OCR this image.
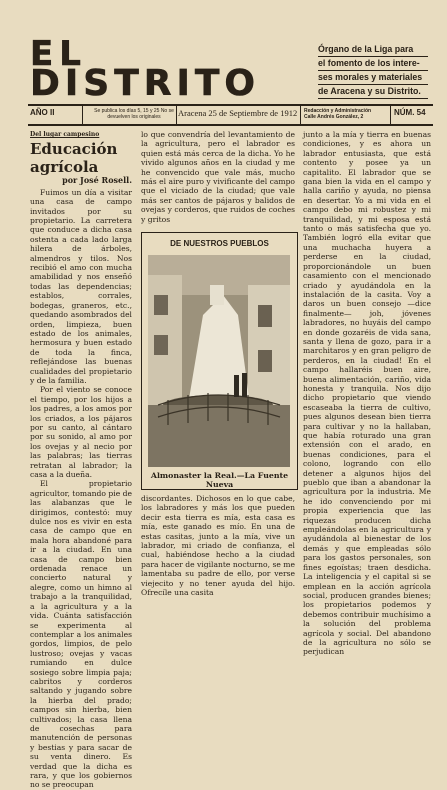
EL
DISTRITO
Órgano de la Liga para
el fomento de los intere-
ses morales y materiales
de Aracena y su Distrito.
AÑO II	Se publica los días 5, 15 y 25 No se devuelven los originales	Aracena 25 de Septiembre de 1912 Redacción y Administración Calle Andrés González, 2	NÚM. 54
Del lugar campesino
Educación agrícola
por José Rosell.

Fuimos un día a visitar una casa de campo invitados por su propietario. La carretera que conduce a dicha casa ostenta a cada lado larga hilera de árboles, almendros y tilos. Nos recibió el amo con mucha amabilidad y nos enseñó todas las dependencias; establos, corrales, bodegas, graneros, etc., quedando asombrados del orden, limpieza, buen estado de los animales, hermosura y buen estado de toda la finca, reflejándose las buenas cualidades del propietario y de la familia.

Por el viento se conoce el tiempo, por los hijos a los padres, a los amos por los criados, a los pájaros por su canto, al cántaro por su sonido, al amo por los ovejas y al necio por las palabras; las tierras retratan al labrador; la casa a la dueña.

El propietario agricultor, tomando pie de las alabanzas que le dirigimos, contestó: muy dulce nos es vivir en esta casa de campo que en mala hora abandoné para ir a la ciudad. En una casa de campo bien ordenada renace un concierto natural y alegre, como un himno al trabajo a la tranquilidad, a la agricultura y a la vida. Cuánta satisfacción se experimenta al contemplar a los animales gordos, limpios, de pelo lustroso; ovejas y vacas rumiando en dulce sosiego sobre limpia paja; cabritos y corderos saltando y jugando sobre la hierba del prado; campos sin hierba, bien cultivados; la casa llena de cosechas para manutención de personas y bestias y para sacar de su venta dinero. Es verdad que la dicha es rara, y que los gobiernos no se preocupan

lo que convendría del levantamiento de la agricultura, pero el labrador es quien está más cerca de la dicha. Yo he vivido algunos años en la ciudad y me he convencido que vale más, mucho más el aire puro y vivificante del campo que el viciado de la ciudad; que vale más ser cantos de pájaros y balidos de ovejas y corderos, que ruidos de coches y gritos

DE NUESTROS PUEBLOS
Almonaster la Real.—La Fuente Nueva

discordantes. Dichosos en lo que cabe, los labradores y más los que pueden decir esta tierra es mía, esta casa es mía, este ganado es mío. En una de estas casitas, junto a la mía, vive un labrador, mi criado de confianza, el cual, habiéndose hecho a la ciudad para hacer de vigilante nocturno, se me lamentaba su padre de ello, por verse viejecito y no tener ayuda del hijo. Ofrecíle una casita

junto a la mía y tierra en buenas condiciones, y es ahora un labrador entusiasta, que está contento y posee ya un capitalito. El labrador que se gana bien la vida en el campo y halla cariño y ayuda, no piensa en desertar. Yo a mi vida en el campo debo mi robustez y mi tranquilidad, y mi esposa está tanto o más satisfecha que yo. También logró ella evitar que una muchacha huyera a perderse en la ciudad, proporcionándole un buen casamiento con el mencionado criado y ayudándola en la instalación de la casita. Voy a daros un buen consejo —dice finalmente— joh, jóvenes labradores, no huyáis del campo en donde gozaréis de vida sana, santa y llena de gozo, para ir a marchitaros y en gran peligro de perderos, en la ciudad! En el campo hallaréis buen aire, buena alimentación, cariño, vida honesta y tranquila. Nos dijo dicho propietario que viendo escaseaba la tierra de cultivo, pues algunos desean bien tierra para cultivar y no la hallaban, que había roturado una gran extensión con el arado, en buenas condiciones, para el colono, logrando con ello detener a algunos hijos del pueblo que iban a abandonar la agricultura por la industria. Me he ido convenciendo por mi propia experiencia que las riquezas producen dicha empleándolas en la agricultura y ayudándola al bienestar de los demás y que empleadas sólo para los gastos personales, son fines egoístas; traen desdicha. La inteligencia y el capital si se emplean en la acción agrícola social, producen grandes bienes; los propietarios podemos y debemos contribuir muchísimo a la solución del problema agrícola y social. Del abandono de la agricultura no sólo se perjudican
